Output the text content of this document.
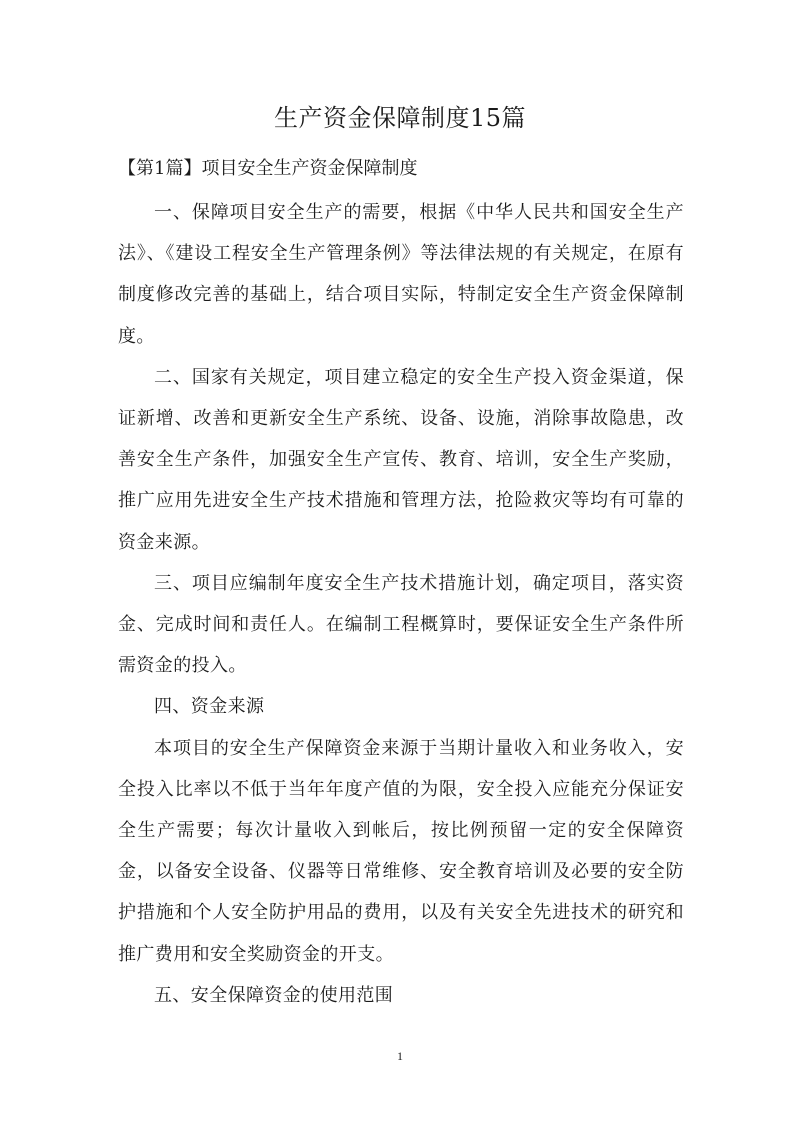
生产资金保障制度15篇
【第1篇】项目安全生产资金保障制度

一、保障项目安全生产的需要，根据《中华人民共和国安全生产法》、《建设工程安全生产管理条例》等法律法规的有关规定，在原有制度修改完善的基础上，结合项目实际，特制定安全生产资金保障制度。

二、国家有关规定，项目建立稳定的安全生产投入资金渠道，保证新增、改善和更新安全生产系统、设备、设施，消除事故隐患，改善安全生产条件，加强安全生产宣传、教育、培训，安全生产奖励，推广应用先进安全生产技术措施和管理方法，抢险救灾等均有可靠的资金来源。

三、项目应编制年度安全生产技术措施计划，确定项目，落实资金、完成时间和责任人。在编制工程概算时，要保证安全生产条件所需资金的投入。

四、资金来源

本项目的安全生产保障资金来源于当期计量收入和业务收入，安全投入比率以不低于当年年度产值的为限，安全投入应能充分保证安全生产需要；每次计量收入到帐后，按比例预留一定的安全保障资金，以备安全设备、仪器等日常维修、安全教育培训及必要的安全防护措施和个人安全防护用品的费用，以及有关安全先进技术的研究和推广费用和安全奖励资金的开支。

五、安全保障资金的使用范围

1
